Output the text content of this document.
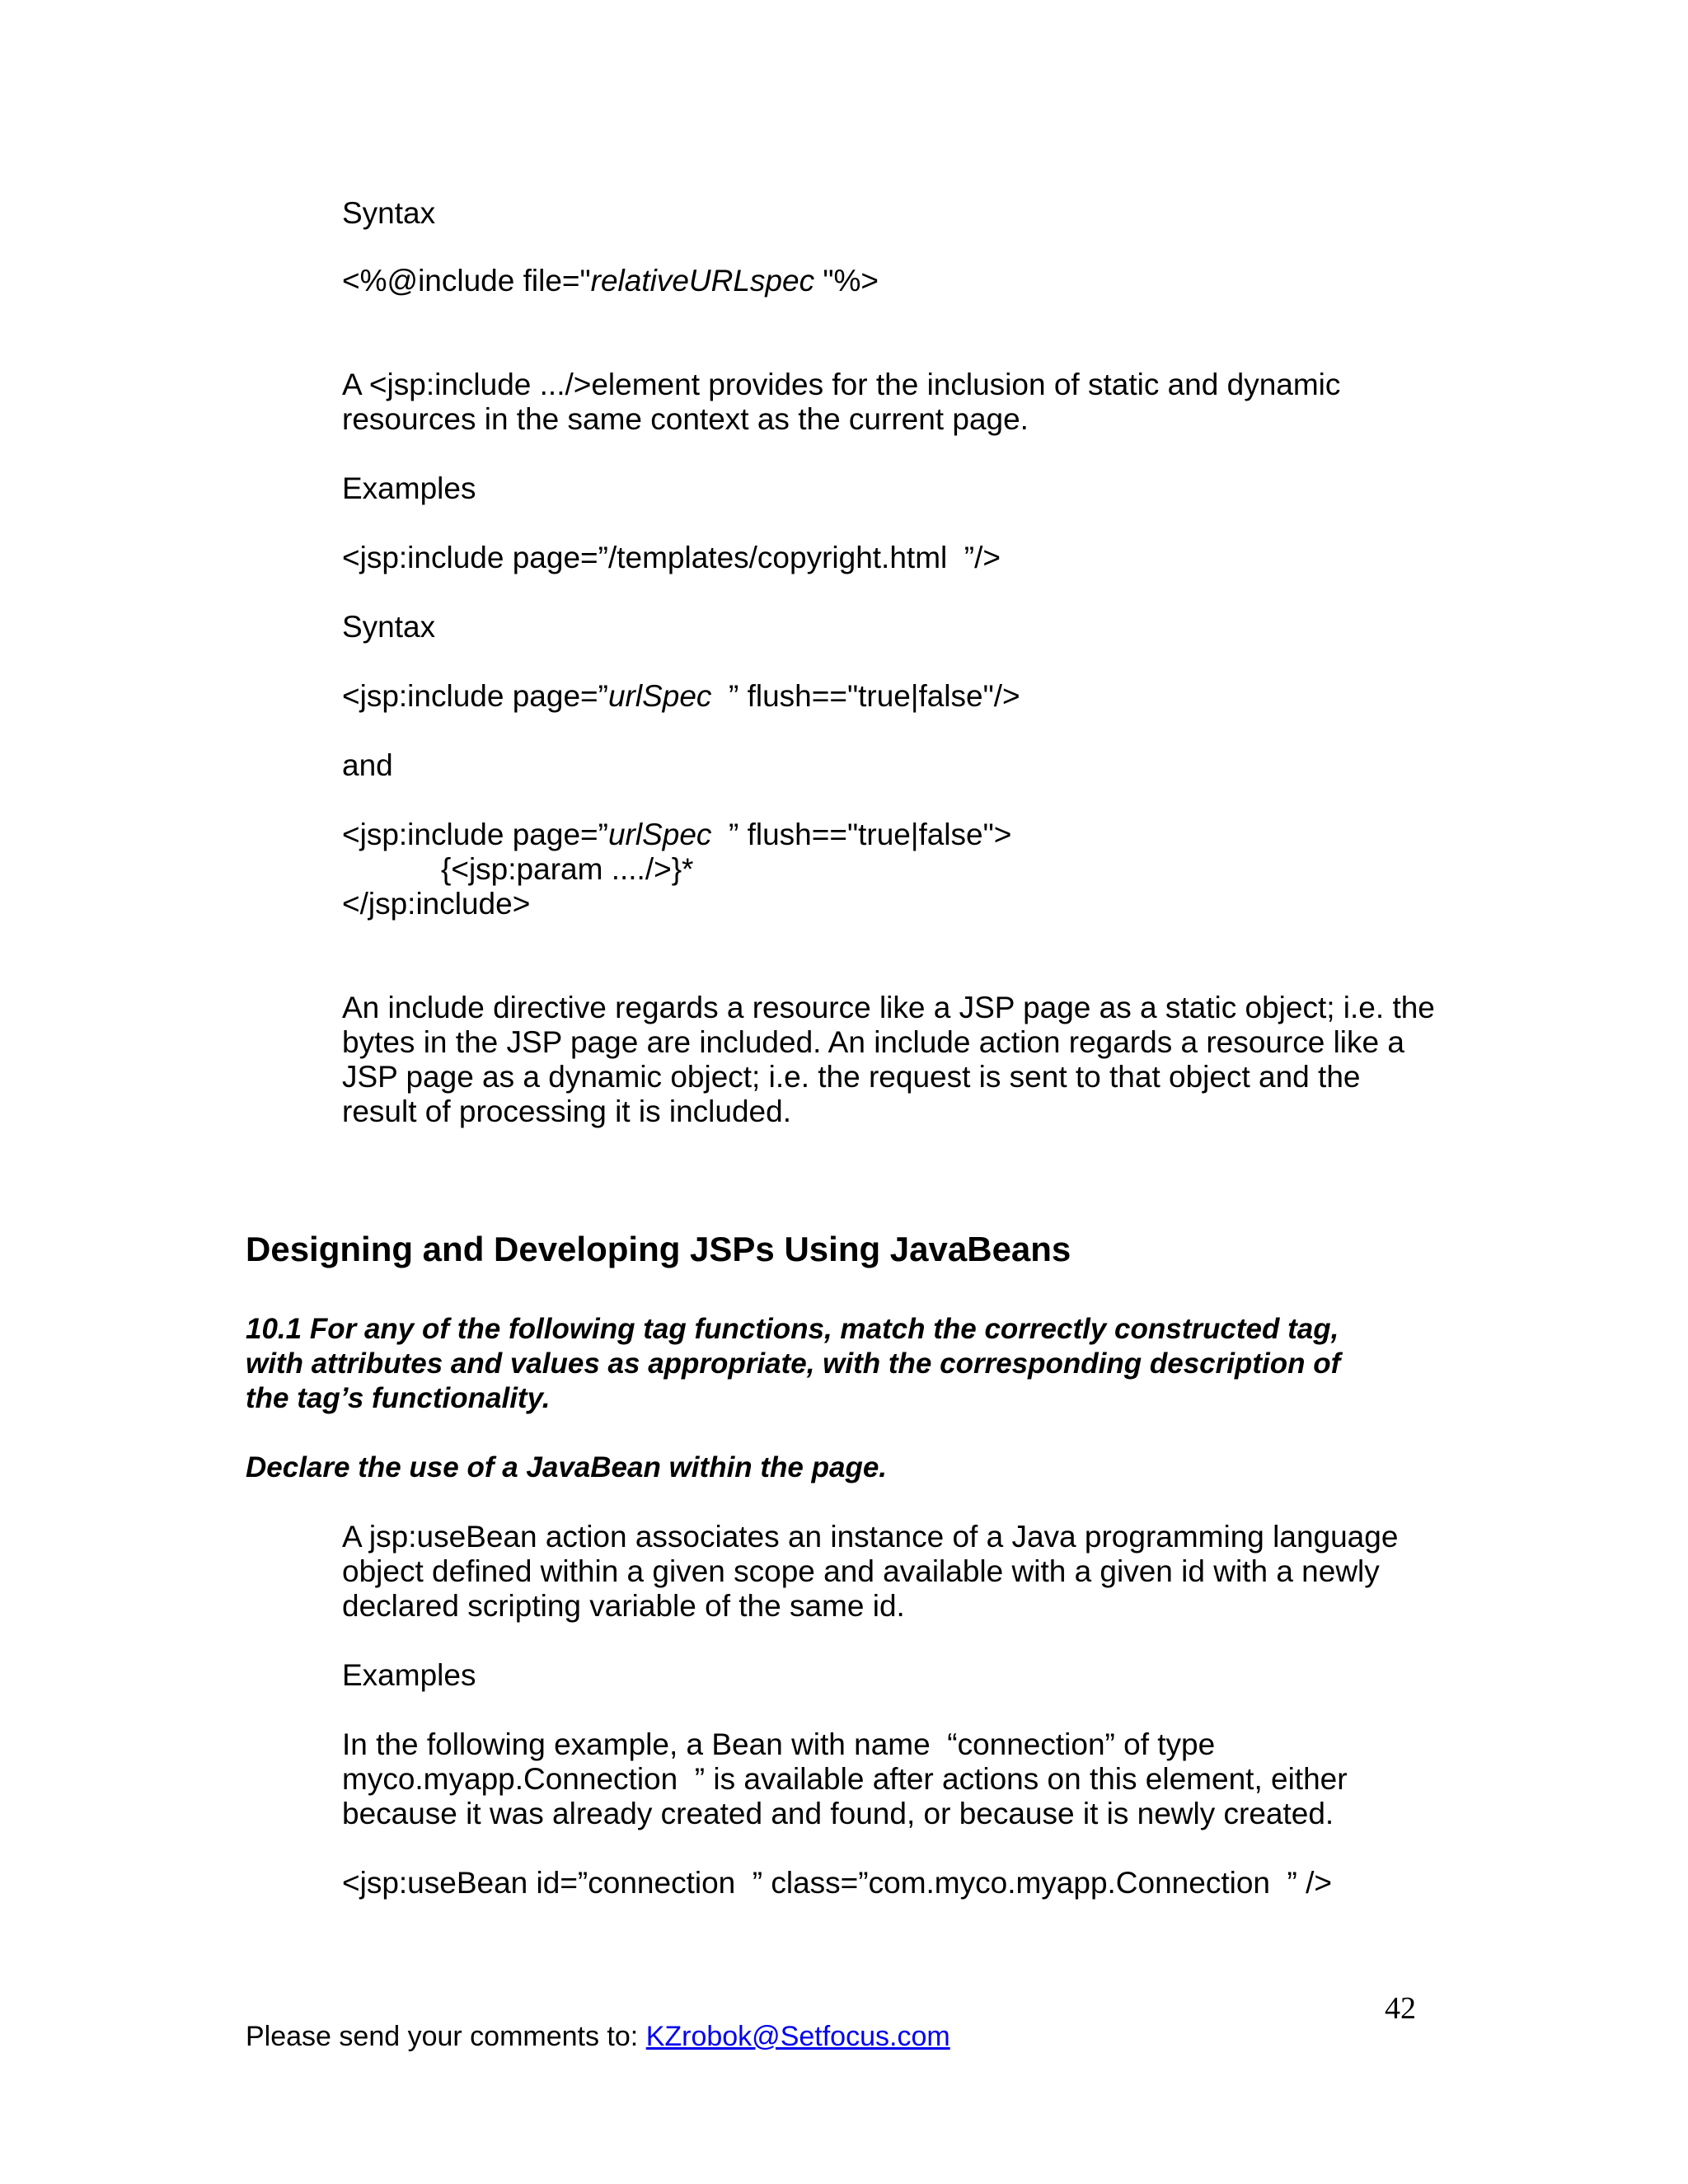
Syntax
<%@include file="relativeURLspec "%>
A <jsp:include .../>element provides for the inclusion of static and dynamic
resources in the same context as the current page.
Examples
<jsp:include page=”/templates/copyright.html  ”/>
Syntax
<jsp:include page=”urlSpec  ” flush=="true|false"/>
and
<jsp:include page=”urlSpec  ” flush=="true|false">
{<jsp:param ..../>}*
</jsp:include>
An include directive regards a resource like a JSP page as a static object; i.e. the
bytes in the JSP page are included. An include action regards a resource like a
JSP page as a dynamic object; i.e. the request is sent to that object and the
result of processing it is included.
Designing and Developing JSPs Using JavaBeans
10.1 For any of the following tag functions, match the correctly constructed tag,
with attributes and values as appropriate, with the corresponding description of
the tag’s functionality.
Declare the use of a JavaBean within the page.
A jsp:useBean action associates an instance of a Java programming language
object defined within a given scope and available with a given id with a newly
declared scripting variable of the same id.
Examples
In the following example, a Bean with name  “connection” of type
myco.myapp.Connection  ” is available after actions on this element, either
because it was already created and found, or because it is newly created.
<jsp:useBean id=”connection  ” class=”com.myco.myapp.Connection  ” />
42
Please send your comments to: KZrobok@Setfocus.com
